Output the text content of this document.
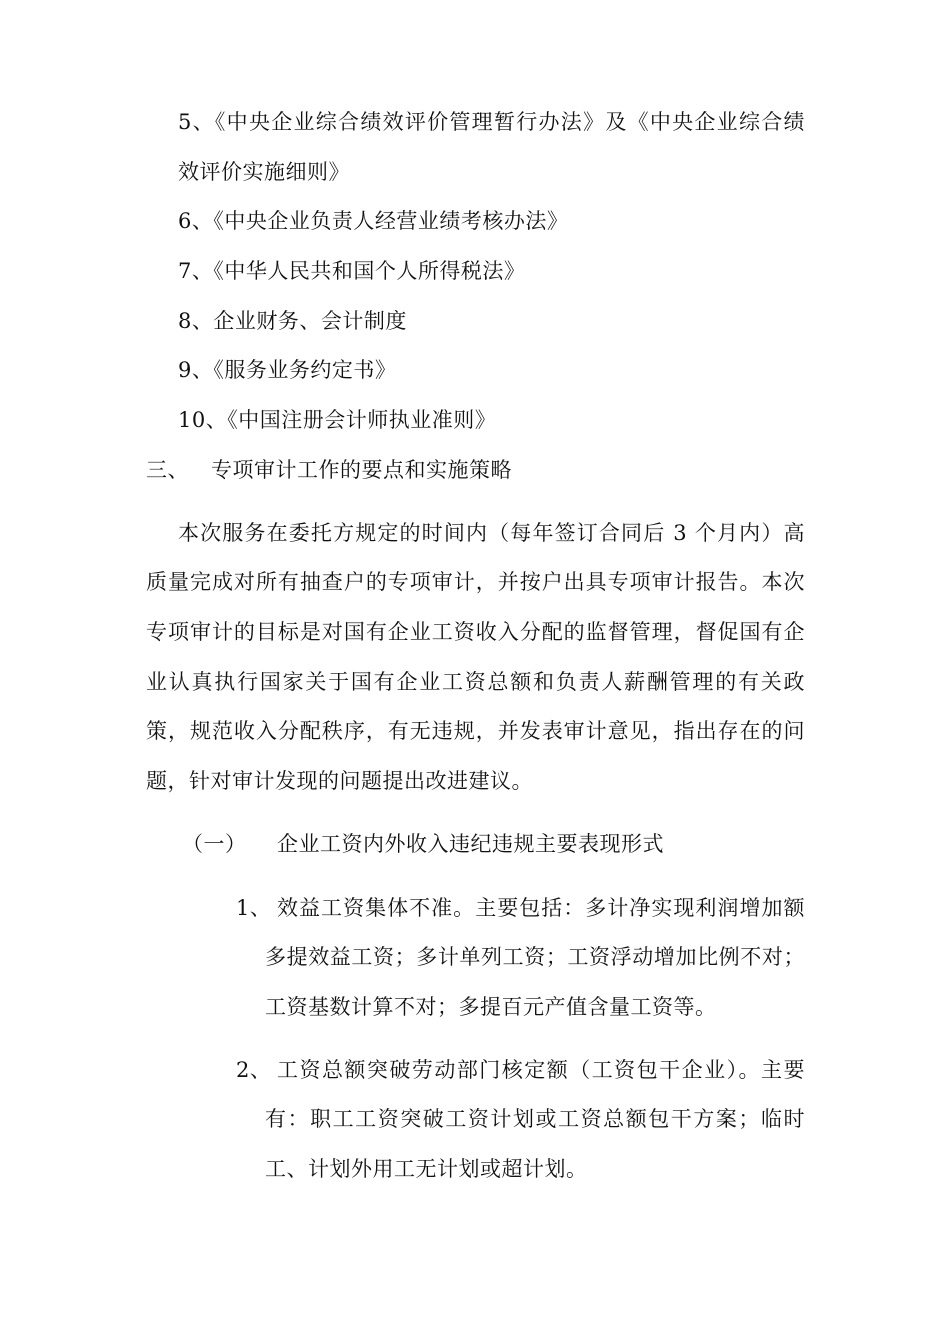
5、《中央企业综合绩效评价管理暂行办法》及《中央企业综合绩
效评价实施细则》
6、《中央企业负责人经营业绩考核办法》
7、《中华人民共和国个人所得税法》
8、企业财务、会计制度
9、《服务业务约定书》
10、《中国注册会计师执业准则》
三、 专项审计工作的要点和实施策略
本次服务在委托方规定的时间内（每年签订合同后 3 个月内）高
质量完成对所有抽查户的专项审计，并按户出具专项审计报告。本次
专项审计的目标是对国有企业工资收入分配的监督管理，督促国有企
业认真执行国家关于国有企业工资总额和负责人薪酬管理的有关政
策，规范收入分配秩序，有无违规，并发表审计意见，指出存在的问
题，针对审计发现的问题提出改进建议。
（一） 企业工资内外收入违纪违规主要表现形式
1、 效益工资集体不准。主要包括：多计净实现利润增加额
多提效益工资；多计单列工资；工资浮动增加比例不对；
工资基数计算不对；多提百元产值含量工资等。
2、 工资总额突破劳动部门核定额（工资包干企业）。主要
有：职工工资突破工资计划或工资总额包干方案；临时
工、计划外用工无计划或超计划。
